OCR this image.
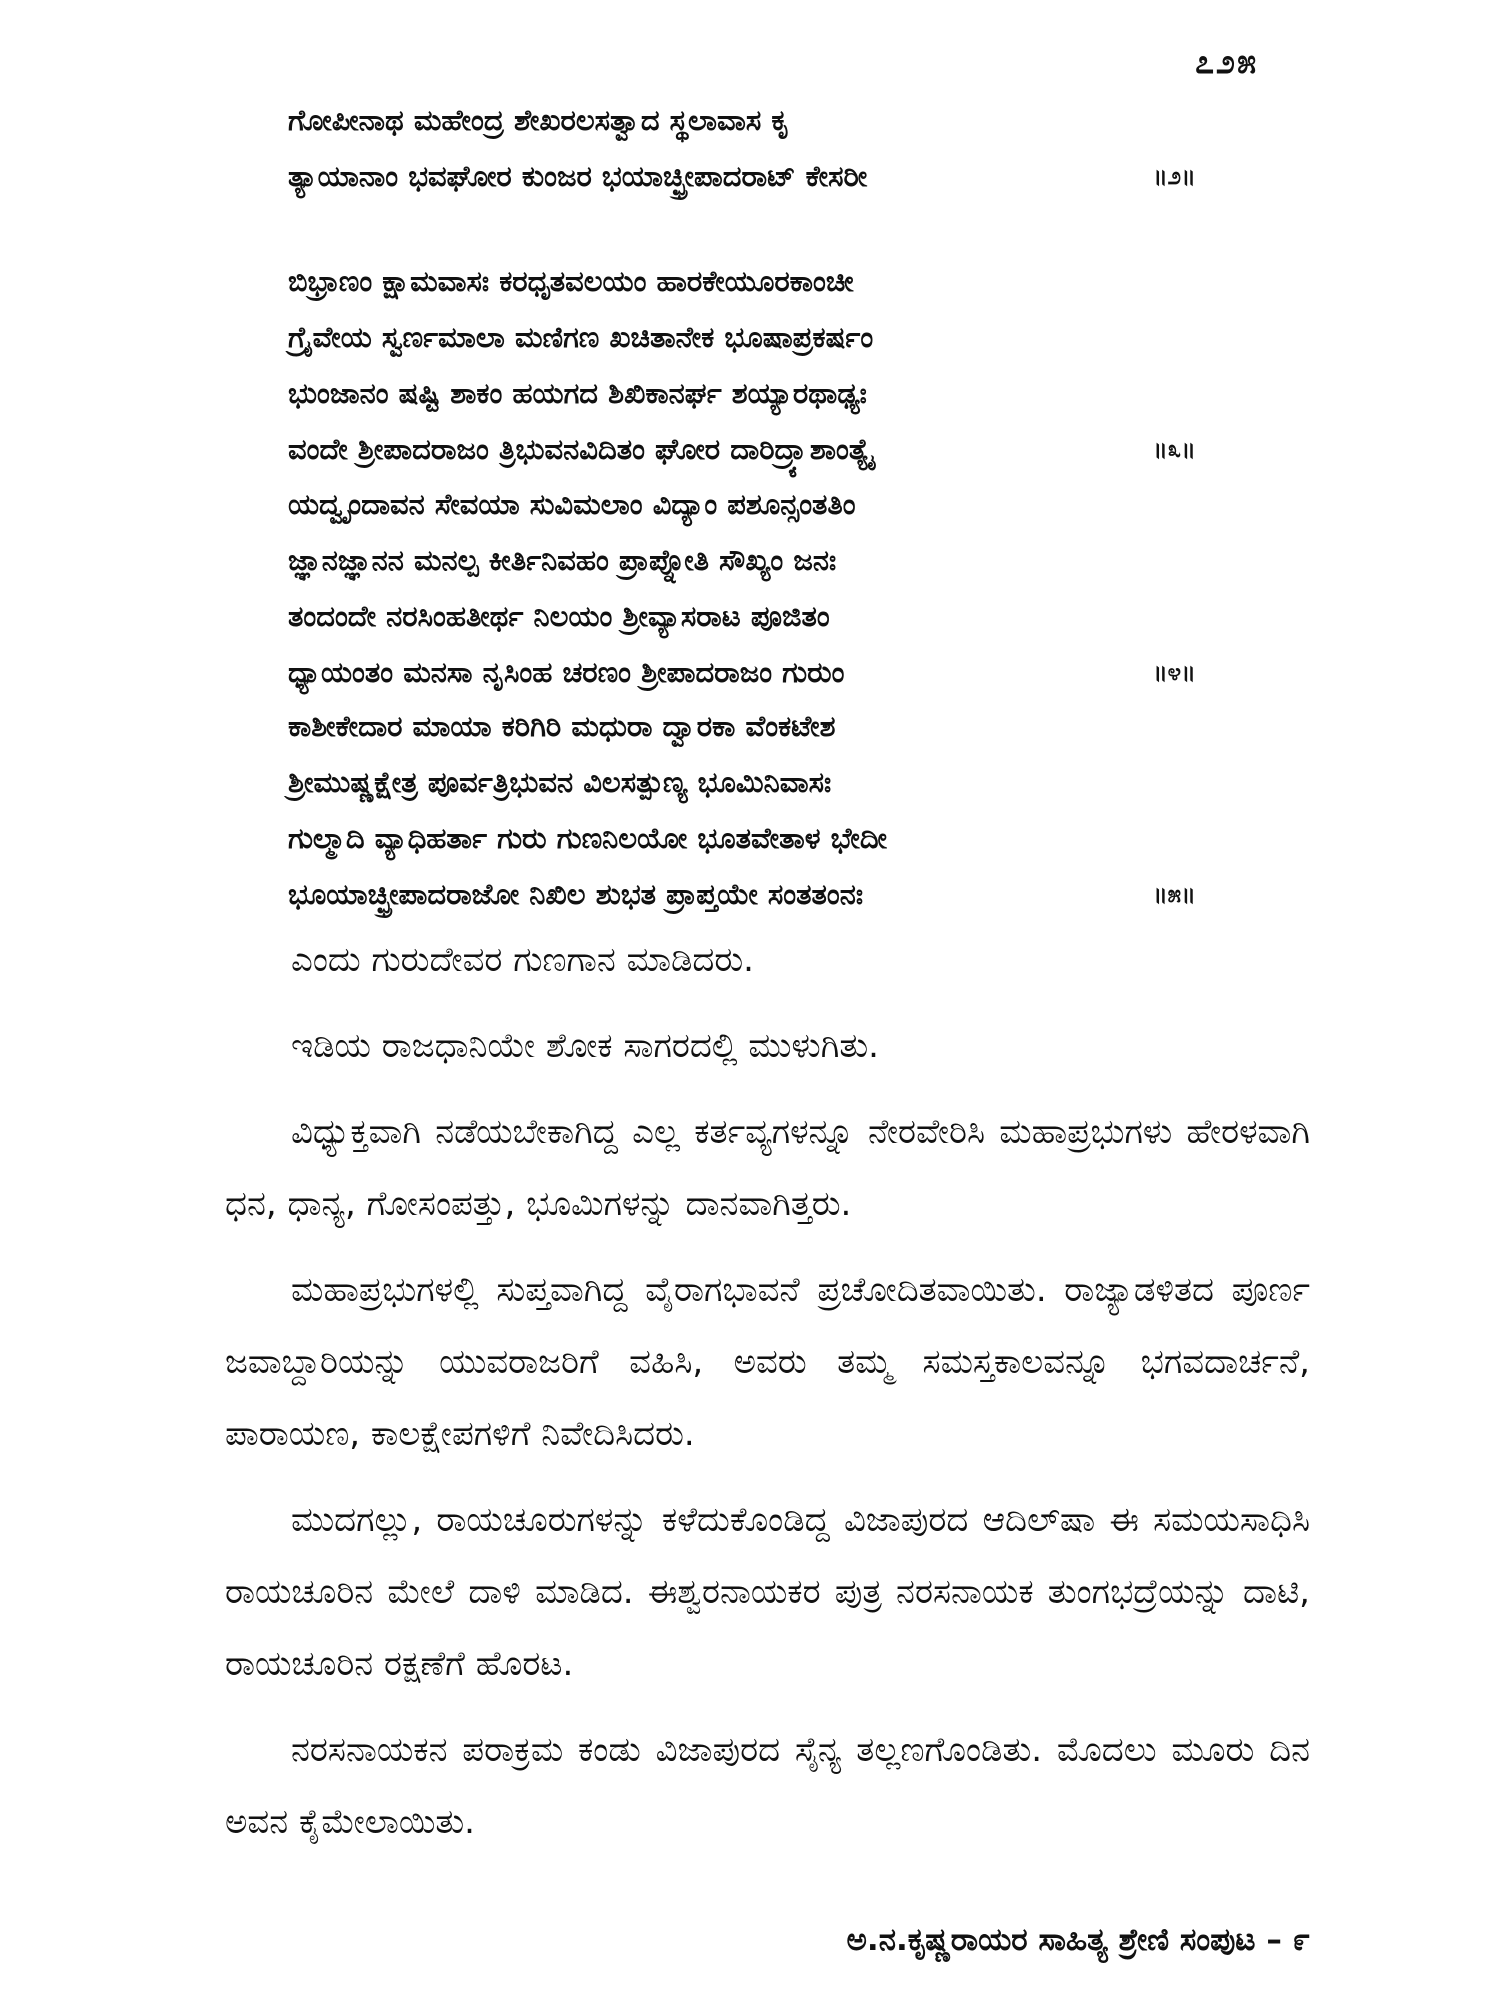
೭೨೫
ಗೋಪೀನಾಥ ಮಹೇಂದ್ರ ಶೇಖರಲಸತ್ವಾದ ಸ್ಥಲಾವಾಸ ಕೃ
ತ್ಯಾಯಾನಾಂ ಭವಘೋರ ಕುಂಜರ ಭಯಾಚ್ಛ್ರೀಪಾದರಾಟ್ ಕೇಸರೀ	॥೨॥
ಬಿಭ್ರಾಣಂ ಕ್ಷಾಮವಾಸಃ ಕರಧೃತವಲಯಂ ಹಾರಕೇಯೂರಕಾಂಚೀ
ಗ್ರೈವೇಯ ಸ್ವರ್ಣಮಾಲಾ ಮಣಿಗಣ ಖಚಿತಾನೇಕ ಭೂಷಾಪ್ರಕರ್ಷಂ
ಭುಂಜಾನಂ ಷಷ್ಟಿ ಶಾಕಂ ಹಯಗದ ಶಿಖಿಕಾನರ್ಘ ಶಯ್ಯಾರಥಾಢ್ಯಃ
ವಂದೇ ಶ್ರೀಪಾದರಾಜಂ ತ್ರಿಭುವನವಿದಿತಂ ಘೋರ ದಾರಿದ್ರ್ಯಾಶಾಂತ್ಯೈ	॥೩॥
ಯದ್ವೃಂದಾವನ ಸೇವಯಾ ಸುವಿಮಲಾಂ ವಿದ್ಯಾಂ ಪಶೂನ್ಸಂತತಿಂ
ಜ್ಞಾನಜ್ಞಾನನ ಮನಲ್ಪ ಕೀರ್ತಿನಿವಹಂ ಪ್ರಾಪ್ನೋತಿ ಸೌಖ್ಯಂ ಜನಃ
ತಂದಂದೇ ನರಸಿಂಹತೀರ್ಥ ನಿಲಯಂ ಶ್ರೀವ್ಯಾಸರಾಟ ಪೂಜಿತಂ
ಧ್ಯಾಯಂತಂ ಮನಸಾ ನೃಸಿಂಹ ಚರಣಂ ಶ್ರೀಪಾದರಾಜಂ ಗುರುಂ	॥೪॥
ಕಾಶೀಕೇದಾರ ಮಾಯಾ ಕರಿಗಿರಿ ಮಧುರಾ ದ್ವಾರಕಾ ವೆಂಕಟೇಶ
ಶ್ರೀಮುಷ್ಣಕ್ಷೇತ್ರ ಪೂರ್ವತ್ರಿಭುವನ ವಿಲಸತ್ಪುಣ್ಯ ಭೂಮಿನಿವಾಸಃ
ಗುಲ್ಮಾದಿ ವ್ಯಾಧಿಹರ್ತಾ ಗುರು ಗುಣನಿಲಯೋ ಭೂತವೇತಾಳ ಭೇದೀ
ಭೂಯಾಚ್ಛ್ರೀಪಾದರಾಜೋ ನಿಖಿಲ ಶುಭತ ಪ್ರಾಪ್ತಯೇ ಸಂತತಂನಃ	॥೫॥

ಎಂದು ಗುರುದೇವರ ಗುಣಗಾನ ಮಾಡಿದರು.

ಇಡಿಯ ರಾಜಧಾನಿಯೇ ಶೋಕ ಸಾಗರದಲ್ಲಿ ಮುಳುಗಿತು.

ವಿಧ್ಯುಕ್ತವಾಗಿ ನಡೆಯಬೇಕಾಗಿದ್ದ ಎಲ್ಲ ಕರ್ತವ್ಯಗಳನ್ನೂ ನೇರವೇರಿಸಿ ಮಹಾಪ್ರಭುಗಳು ಹೇರಳವಾಗಿ ಧನ, ಧಾನ್ಯ, ಗೋಸಂಪತ್ತು, ಭೂಮಿಗಳನ್ನು ದಾನವಾಗಿತ್ತರು.

ಮಹಾಪ್ರಭುಗಳಲ್ಲಿ ಸುಪ್ತವಾಗಿದ್ದ ವೈರಾಗಭಾವನೆ ಪ್ರಚೋದಿತವಾಯಿತು. ರಾಜ್ಯಾಡಳಿತದ ಪೂರ್ಣ ಜವಾಬ್ದಾರಿಯನ್ನು ಯುವರಾಜರಿಗೆ ವಹಿಸಿ, ಅವರು ತಮ್ಮ ಸಮಸ್ತಕಾಲವನ್ನೂ ಭಗವದಾರ್ಚನೆ, ಪಾರಾಯಣ, ಕಾಲಕ್ಷೇಪಗಳಿಗೆ ನಿವೇದಿಸಿದರು.

ಮುದಗಲ್ಲು, ರಾಯಚೂರುಗಳನ್ನು ಕಳೆದುಕೊಂಡಿದ್ದ ವಿಜಾಪುರದ ಆದಿಲ್‌ಷಾ ಈ ಸಮಯಸಾಧಿಸಿ ರಾಯಚೂರಿನ ಮೇಲೆ ದಾಳಿ ಮಾಡಿದ. ಈಶ್ವರನಾಯಕರ ಪುತ್ರ ನರಸನಾಯಕ ತುಂಗಭದ್ರೆಯನ್ನು ದಾಟಿ, ರಾಯಚೂರಿನ ರಕ್ಷಣೆಗೆ ಹೊರಟ.

ನರಸನಾಯಕನ ಪರಾಕ್ರಮ ಕಂಡು ವಿಜಾಪುರದ ಸೈನ್ಯ ತಲ್ಲಣಗೊಂಡಿತು. ಮೊದಲು ಮೂರು ದಿನ ಅವನ ಕೈಮೇಲಾಯಿತು.

ಅ.ನ.ಕೃಷ್ಣರಾಯರ ಸಾಹಿತ್ಯ ಶ್ರೇಣಿ ಸಂಪುಟ – ೯
